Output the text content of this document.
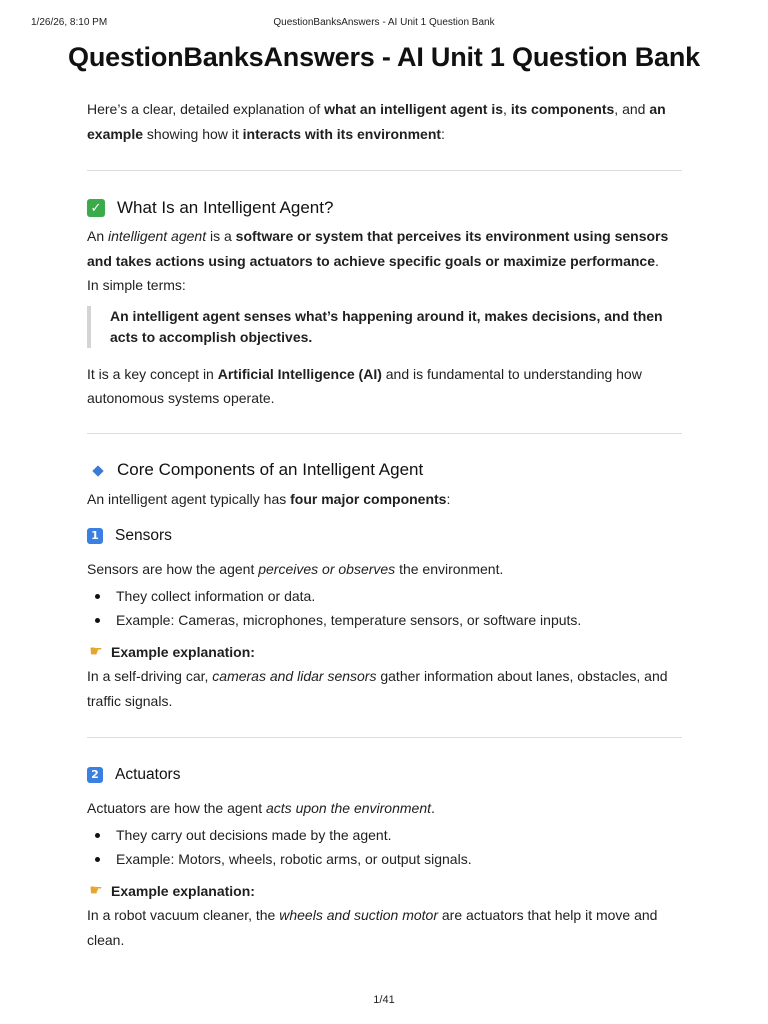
1/26/26, 8:10 PM	QuestionBanksAnswers - AI Unit 1 Question Bank
QuestionBanksAnswers - AI Unit 1 Question Bank

Here’s a clear, detailed explanation of what an intelligent agent is, its components, and an example showing how it interacts with its environment:

✓ What Is an Intelligent Agent?

An intelligent agent is a software or system that perceives its environment using sensors and takes actions using actuators to achieve specific goals or maximize performance.

In simple terms:

An intelligent agent senses what’s happening around it, makes decisions, and then acts to accomplish objectives.

It is a key concept in Artificial Intelligence (AI) and is fundamental to understanding how autonomous systems operate.

Core Components of an Intelligent Agent

An intelligent agent typically has four major components:

1 Sensors

Sensors are how the agent perceives or observes the environment.

They collect information or data.
Example: Cameras, microphones, temperature sensors, or software inputs.

☛ Example explanation:

In a self-driving car, cameras and lidar sensors gather information about lanes, obstacles, and traffic signals.

2 Actuators

Actuators are how the agent acts upon the environment.

They carry out decisions made by the agent.
Example: Motors, wheels, robotic arms, or output signals.

☛ Example explanation:

In a robot vacuum cleaner, the wheels and suction motor are actuators that help it move and clean.

1/41
